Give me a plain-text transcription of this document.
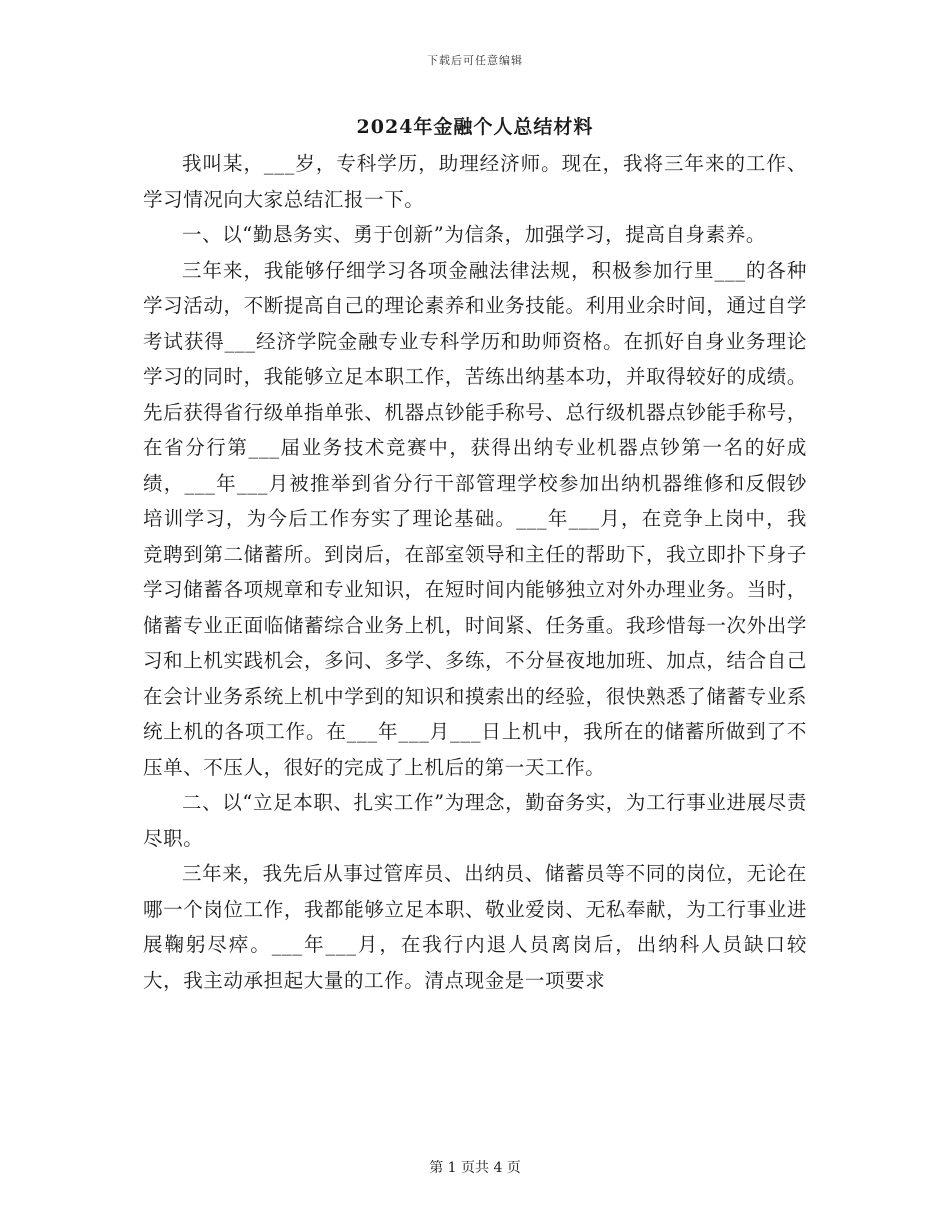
下载后可任意编辑
2024年金融个人总结材料

我叫某，___岁，专科学历，助理经济师。现在，我将三年来的工作、学习情况向大家总结汇报一下。

一、以“勤恳务实、勇于创新”为信条，加强学习，提高自身素养。

三年来，我能够仔细学习各项金融法律法规，积极参加行里___的各种学习活动，不断提高自己的理论素养和业务技能。利用业余时间，通过自学考试获得___经济学院金融专业专科学历和助师资格。在抓好自身业务理论学习的同时，我能够立足本职工作，苦练出纳基本功，并取得较好的成绩。先后获得省行级单指单张、机器点钞能手称号、总行级机器点钞能手称号，在省分行第___届业务技术竞赛中，获得出纳专业机器点钞第一名的好成绩，___年___月被推举到省分行干部管理学校参加出纳机器维修和反假钞培训学习，为今后工作夯实了理论基础。___年___月，在竞争上岗中，我竞聘到第二储蓄所。到岗后，在部室领导和主任的帮助下，我立即扑下身子学习储蓄各项规章和专业知识，在短时间内能够独立对外办理业务。当时，储蓄专业正面临储蓄综合业务上机，时间紧、任务重。我珍惜每一次外出学习和上机实践机会，多问、多学、多练，不分昼夜地加班、加点，结合自己在会计业务系统上机中学到的知识和摸索出的经验，很快熟悉了储蓄专业系统上机的各项工作。在___年___月___日上机中，我所在的储蓄所做到了不压单、不压人，很好的完成了上机后的第一天工作。

二、以“立足本职、扎实工作”为理念，勤奋务实，为工行事业进展尽责尽职。

三年来，我先后从事过管库员、出纳员、储蓄员等不同的岗位，无论在哪一个岗位工作，我都能够立足本职、敬业爱岗、无私奉献，为工行事业进展鞠躬尽瘁。___年___月，在我行内退人员离岗后，出纳科人员缺口较大，我主动承担起大量的工作。清点现金是一项要求

第 1 页共 4 页
